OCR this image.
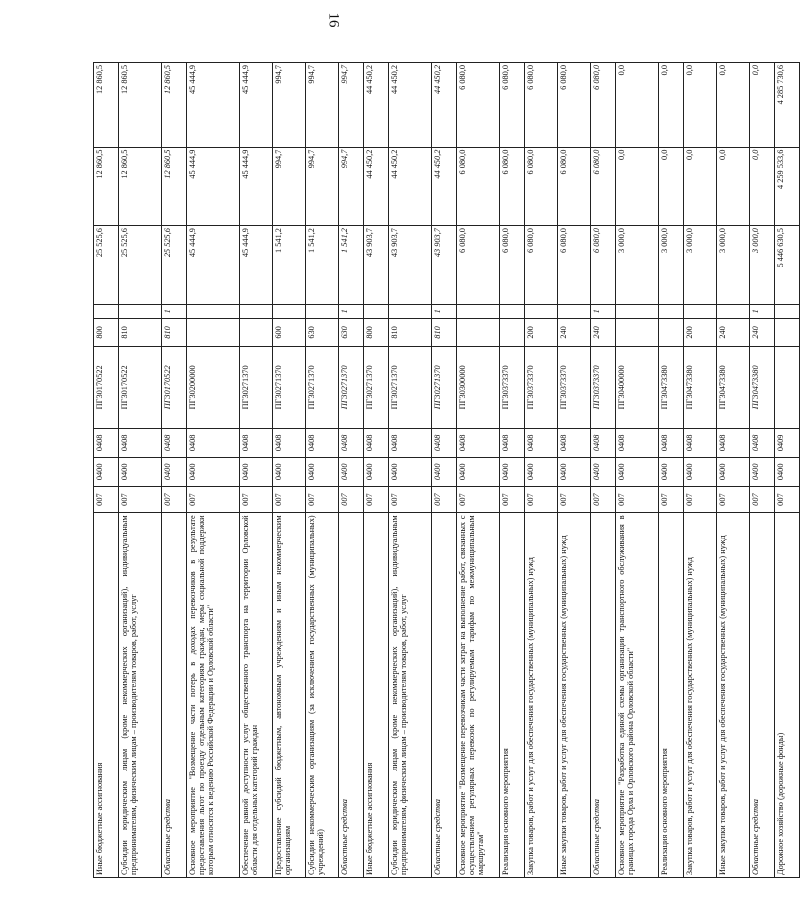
16
Иные бюджетные ассигнования	007	0400	0408	ПГ30170522	800		25 525,6	12 860,5	12 860,5
Субсидии юридическим лицам (кроме некоммерческих организаций), индивидуальным предпринимателям, физическим лицам – производителям товаров, работ, услуг	007	0400	0408	ПГ30170522	810		25 525,6	12 860,5	12 860,5
Областные средства	007	0400	0408	ПГ30170522	810	1	25 525,6	12 860,5	12 860,5
Основное мероприятие "Возмещение части потерь в доходах перевозчиков в результате предоставления льгот по проезду отдельным категориям граждан, меры социальной поддержки которым относятся к ведению Российской Федерации и Орловской области"	007	0400	0408	ПГ30200000			45 444,9	45 444,9	45 444,9
Обеспечение равной доступности услуг общественного транспорта на территории Орловской области для отдельных категорий граждан	007	0400	0408	ПГ30271370			45 444,9	45 444,9	45 444,9
Предоставление субсидий бюджетным, автономным учреждениям и иным некоммерческим организациям	007	0400	0408	ПГ30271370	600		1 541,2	994,7	994,7
Субсидии некоммерческим организациям (за исключением государственных (муниципальных) учреждений)	007	0400	0408	ПГ30271370	630		1 541,2	994,7	994,7
Областные средства	007	0400	0408	ПГ30271370	630	1	1 541,2	994,7	994,7
Иные бюджетные ассигнования	007	0400	0408	ПГ30271370	800		43 903,7	44 450,2	44 450,2
Субсидии юридическим лицам (кроме некоммерческих организаций), индивидуальным предпринимателям, физическим лицам – производителям товаров, работ, услуг	007	0400	0408	ПГ30271370	810		43 903,7	44 450,2	44 450,2
Областные средства	007	0400	0408	ПГ30271370	810	1	43 903,7	44 450,2	44 450,2
Основное мероприятие "Возмещение перевозчикам части затрат на выполнение работ, связанных с осуществлением регулярных перевозок по регулируемым тарифам по межмуниципальным маршрутам"	007	0400	0408	ПГ30300000			6 080,0	6 080,0	6 080,0
Реализация основного мероприятия	007	0400	0408	ПГ30373370			6 080,0	6 080,0	6 080,0
Закупка товаров, работ и услуг для обеспечения государственных (муниципальных) нужд	007	0400	0408	ПГ30373370	200		6 080,0	6 080,0	6 080,0
Иные закупки товаров, работ и услуг для обеспечения государственных (муниципальных) нужд	007	0400	0408	ПГ30373370	240		6 080,0	6 080,0	6 080,0
Областные средства	007	0400	0408	ПГ30373370	240	1	6 080,0	6 080,0	6 080,0
Основное мероприятие "Разработка единой схемы организации транспортного обслуживания в границах города Орла и Орловского района Орловской области"	007	0400	0408	ПГ30400000			3 000,0	0,0	0,0
Реализация основного мероприятия	007	0400	0408	ПГ30473380			3 000,0	0,0	0,0
Закупка товаров, работ и услуг для обеспечения государственных (муниципальных) нужд	007	0400	0408	ПГ30473380	200		3 000,0	0,0	0,0
Иные закупки товаров, работ и услуг для обеспечения государственных (муниципальных) нужд	007	0400	0408	ПГ30473380	240		3 000,0	0,0	0,0
Областные средства	007	0400	0408	ПГ30473380	240	1	3 000,0	0,0	0,0
Дорожное хозяйство (дорожные фонды)	007	0400	0409				5 446 630,5	4 259 533,6	4 285 730,6
